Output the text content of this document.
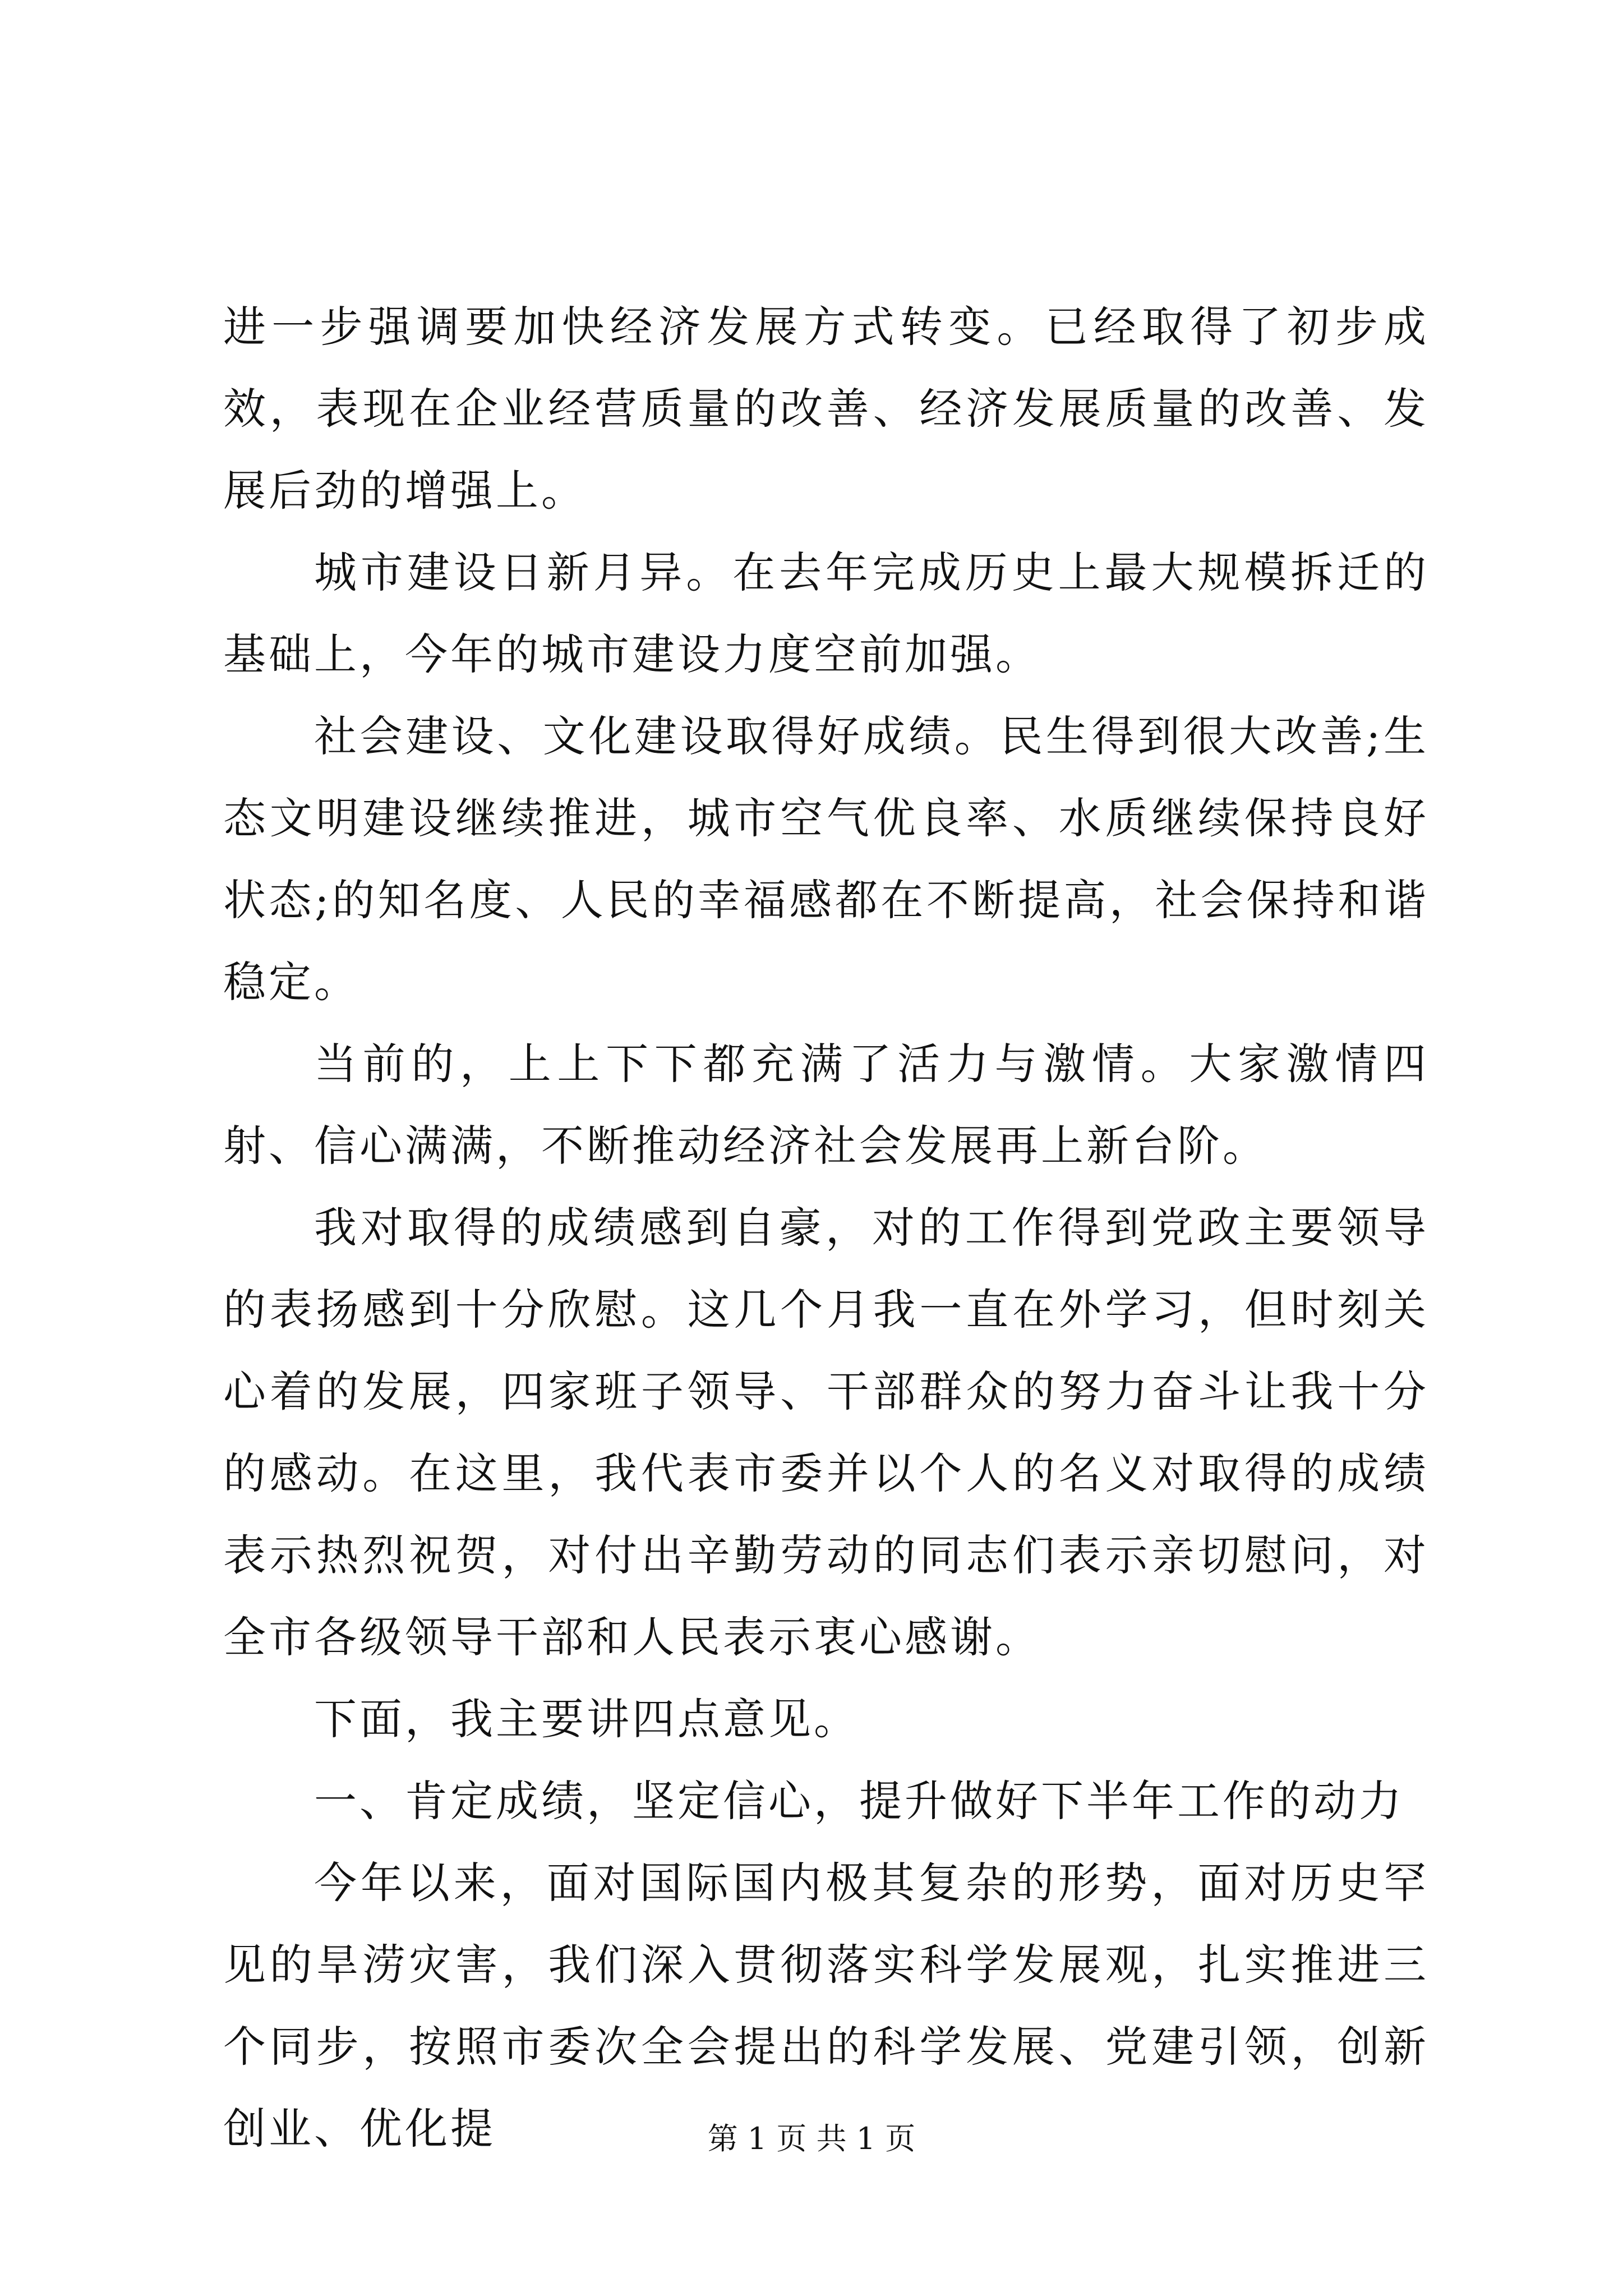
进一步强调要加快经济发展方式转变。已经取得了初步成效，表现在企业经营质量的改善、经济发展质量的改善、发展后劲的增强上。

城市建设日新月异。在去年完成历史上最大规模拆迁的基础上，今年的城市建设力度空前加强。

社会建设、文化建设取得好成绩。民生得到很大改善;生态文明建设继续推进，城市空气优良率、水质继续保持良好状态;的知名度、人民的幸福感都在不断提高，社会保持和谐稳定。

当前的，上上下下都充满了活力与激情。大家激情四射、信心满满，不断推动经济社会发展再上新台阶。

我对取得的成绩感到自豪，对的工作得到党政主要领导的表扬感到十分欣慰。这几个月我一直在外学习，但时刻关心着的发展，四家班子领导、干部群众的努力奋斗让我十分的感动。在这里，我代表市委并以个人的名义对取得的成绩表示热烈祝贺，对付出辛勤劳动的同志们表示亲切慰问，对全市各级领导干部和人民表示衷心感谢。

下面，我主要讲四点意见。

一、肯定成绩，坚定信心，提升做好下半年工作的动力

今年以来，面对国际国内极其复杂的形势，面对历史罕见的旱涝灾害，我们深入贯彻落实科学发展观，扎实推进三个同步，按照市委次全会提出的科学发展、党建引领，创新创业、优化提	第 1 页 共 1 页
